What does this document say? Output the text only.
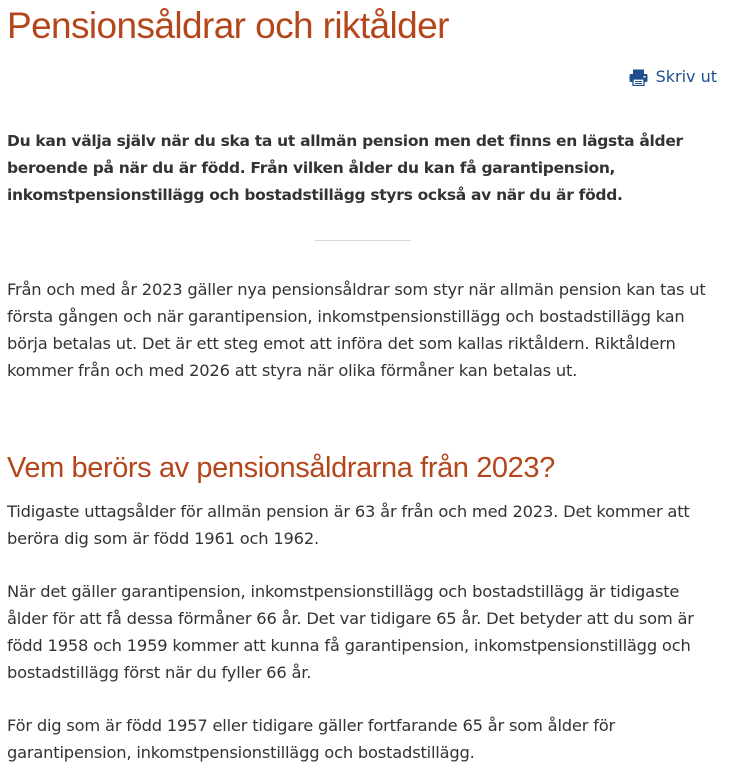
Pensionsåldrar och riktålder
Skriv ut

Du kan välja själv när du ska ta ut allmän pension men det finns en lägsta ålder beroende på när du är född. Från vilken ålder du kan få garantipension, inkomstpensionstillägg och bostadstillägg styrs också av när du är född.

Från och med år 2023 gäller nya pensionsåldrar som styr när allmän pension kan tas ut första gången och när garantipension, inkomstpensionstillägg och bostadstillägg kan börja betalas ut. Det är ett steg emot att införa det som kallas riktåldern. Riktåldern kommer från och med 2026 att styra när olika förmåner kan betalas ut.

Vem berörs av pensionsåldrarna från 2023?

Tidigaste uttagsålder för allmän pension är 63 år från och med 2023. Det kommer att beröra dig som är född 1961 och 1962.

När det gäller garantipension, inkomstpensionstillägg och bostadstillägg är tidigaste ålder för att få dessa förmåner 66 år. Det var tidigare 65 år. Det betyder att du som är född 1958 och 1959 kommer att kunna få garantipension, inkomstpensionstillägg och bostadstillägg först när du fyller 66 år.

För dig som är född 1957 eller tidigare gäller fortfarande 65 år som ålder för garantipension, inkomstpensionstillägg och bostadstillägg.
